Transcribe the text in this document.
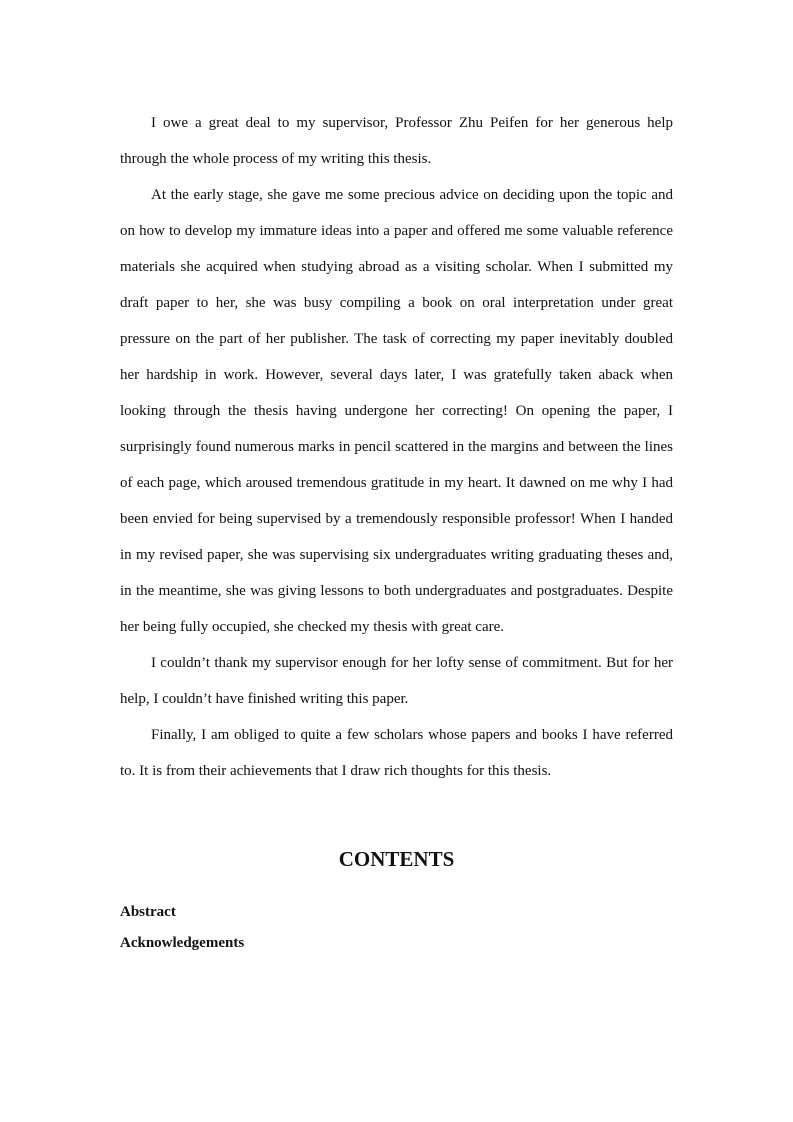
I owe a great deal to my supervisor, Professor Zhu Peifen for her generous help through the whole process of my writing this thesis.

At the early stage, she gave me some precious advice on deciding upon the topic and on how to develop my immature ideas into a paper and offered me some valuable reference materials she acquired when studying abroad as a visiting scholar. When I submitted my draft paper to her, she was busy compiling a book on oral interpretation under great pressure on the part of her publisher. The task of correcting my paper inevitably doubled her hardship in work. However, several days later, I was gratefully taken aback when looking through the thesis having undergone her correcting! On opening the paper, I surprisingly found numerous marks in pencil scattered in the margins and between the lines of each page, which aroused tremendous gratitude in my heart. It dawned on me why I had been envied for being supervised by a tremendously responsible professor! When I handed in my revised paper, she was supervising six undergraduates writing graduating theses and, in the meantime, she was giving lessons to both undergraduates and postgraduates. Despite her being fully occupied, she checked my thesis with great care.

I couldn’t thank my supervisor enough for her lofty sense of commitment. But for her help, I couldn’t have finished writing this paper.

Finally, I am obliged to quite a few scholars whose papers and books I have referred to. It is from their achievements that I draw rich thoughts for this thesis.

CONTENTS
Abstract
Acknowledgements
